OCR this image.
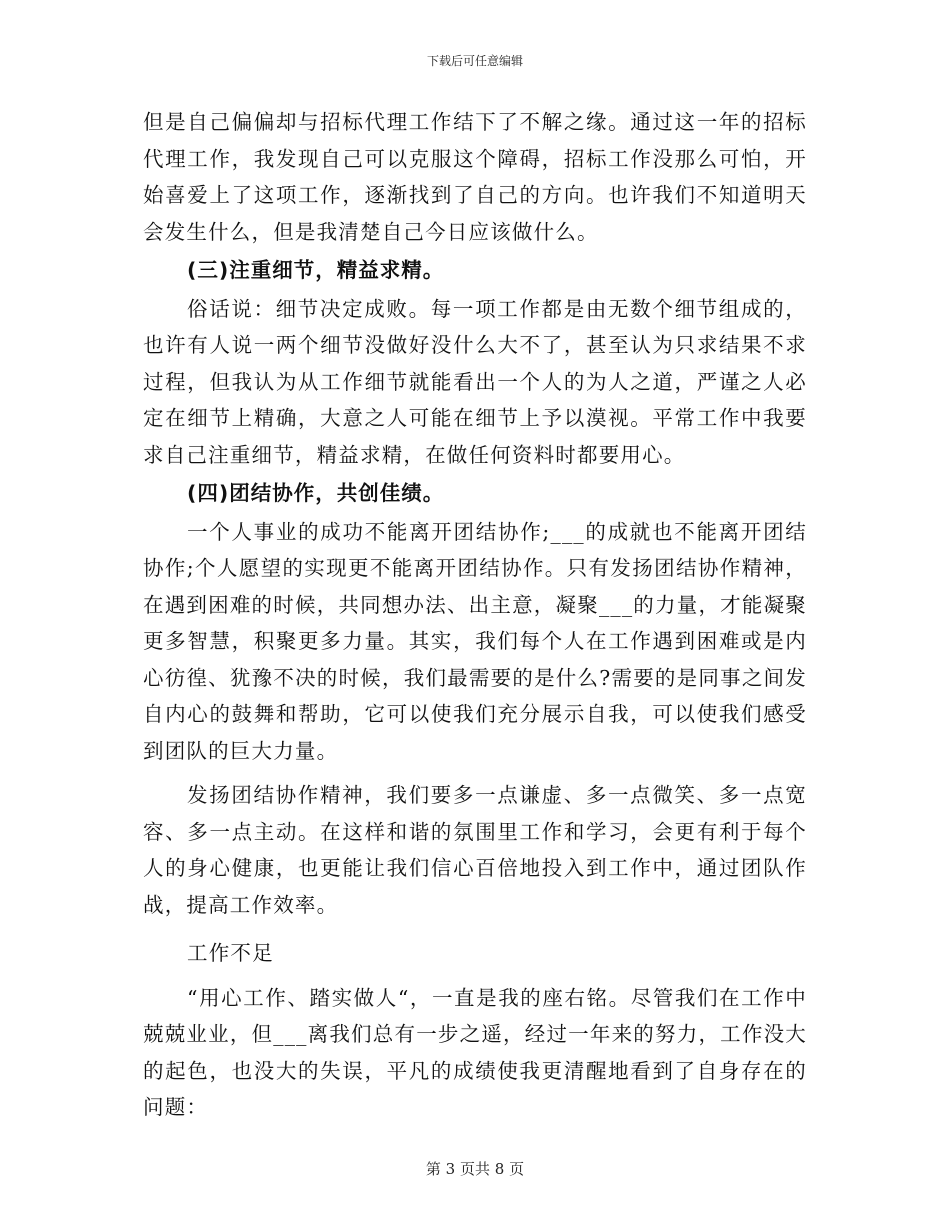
下载后可任意编辑

但是自己偏偏却与招标代理工作结下了不解之缘。通过这一年的招标代理工作，我发现自己可以克服这个障碍，招标工作没那么可怕，开始喜爱上了这项工作，逐渐找到了自己的方向。也许我们不知道明天会发生什么，但是我清楚自己今日应该做什么。

(三)注重细节，精益求精。

俗话说：细节决定成败。每一项工作都是由无数个细节组成的，也许有人说一两个细节没做好没什么大不了，甚至认为只求结果不求过程，但我认为从工作细节就能看出一个人的为人之道，严谨之人必定在细节上精确，大意之人可能在细节上予以漠视。平常工作中我要求自己注重细节，精益求精，在做任何资料时都要用心。

(四)团结协作，共创佳绩。

一个人事业的成功不能离开团结协作;___的成就也不能离开团结协作;个人愿望的实现更不能离开团结协作。只有发扬团结协作精神，在遇到困难的时候，共同想办法、出主意，凝聚___的力量，才能凝聚更多智慧，积聚更多力量。其实，我们每个人在工作遇到困难或是内心彷徨、犹豫不决的时候，我们最需要的是什么?需要的是同事之间发自内心的鼓舞和帮助，它可以使我们充分展示自我，可以使我们感受到团队的巨大力量。

发扬团结协作精神，我们要多一点谦虚、多一点微笑、多一点宽容、多一点主动。在这样和谐的氛围里工作和学习，会更有利于每个人的身心健康，也更能让我们信心百倍地投入到工作中，通过团队作战，提高工作效率。

工作不足

“用心工作、踏实做人“，一直是我的座右铭。尽管我们在工作中兢兢业业，但___离我们总有一步之遥，经过一年来的努力，工作没大的起色，也没大的失误，平凡的成绩使我更清醒地看到了自身存在的问题：

第 3 页共 8 页
